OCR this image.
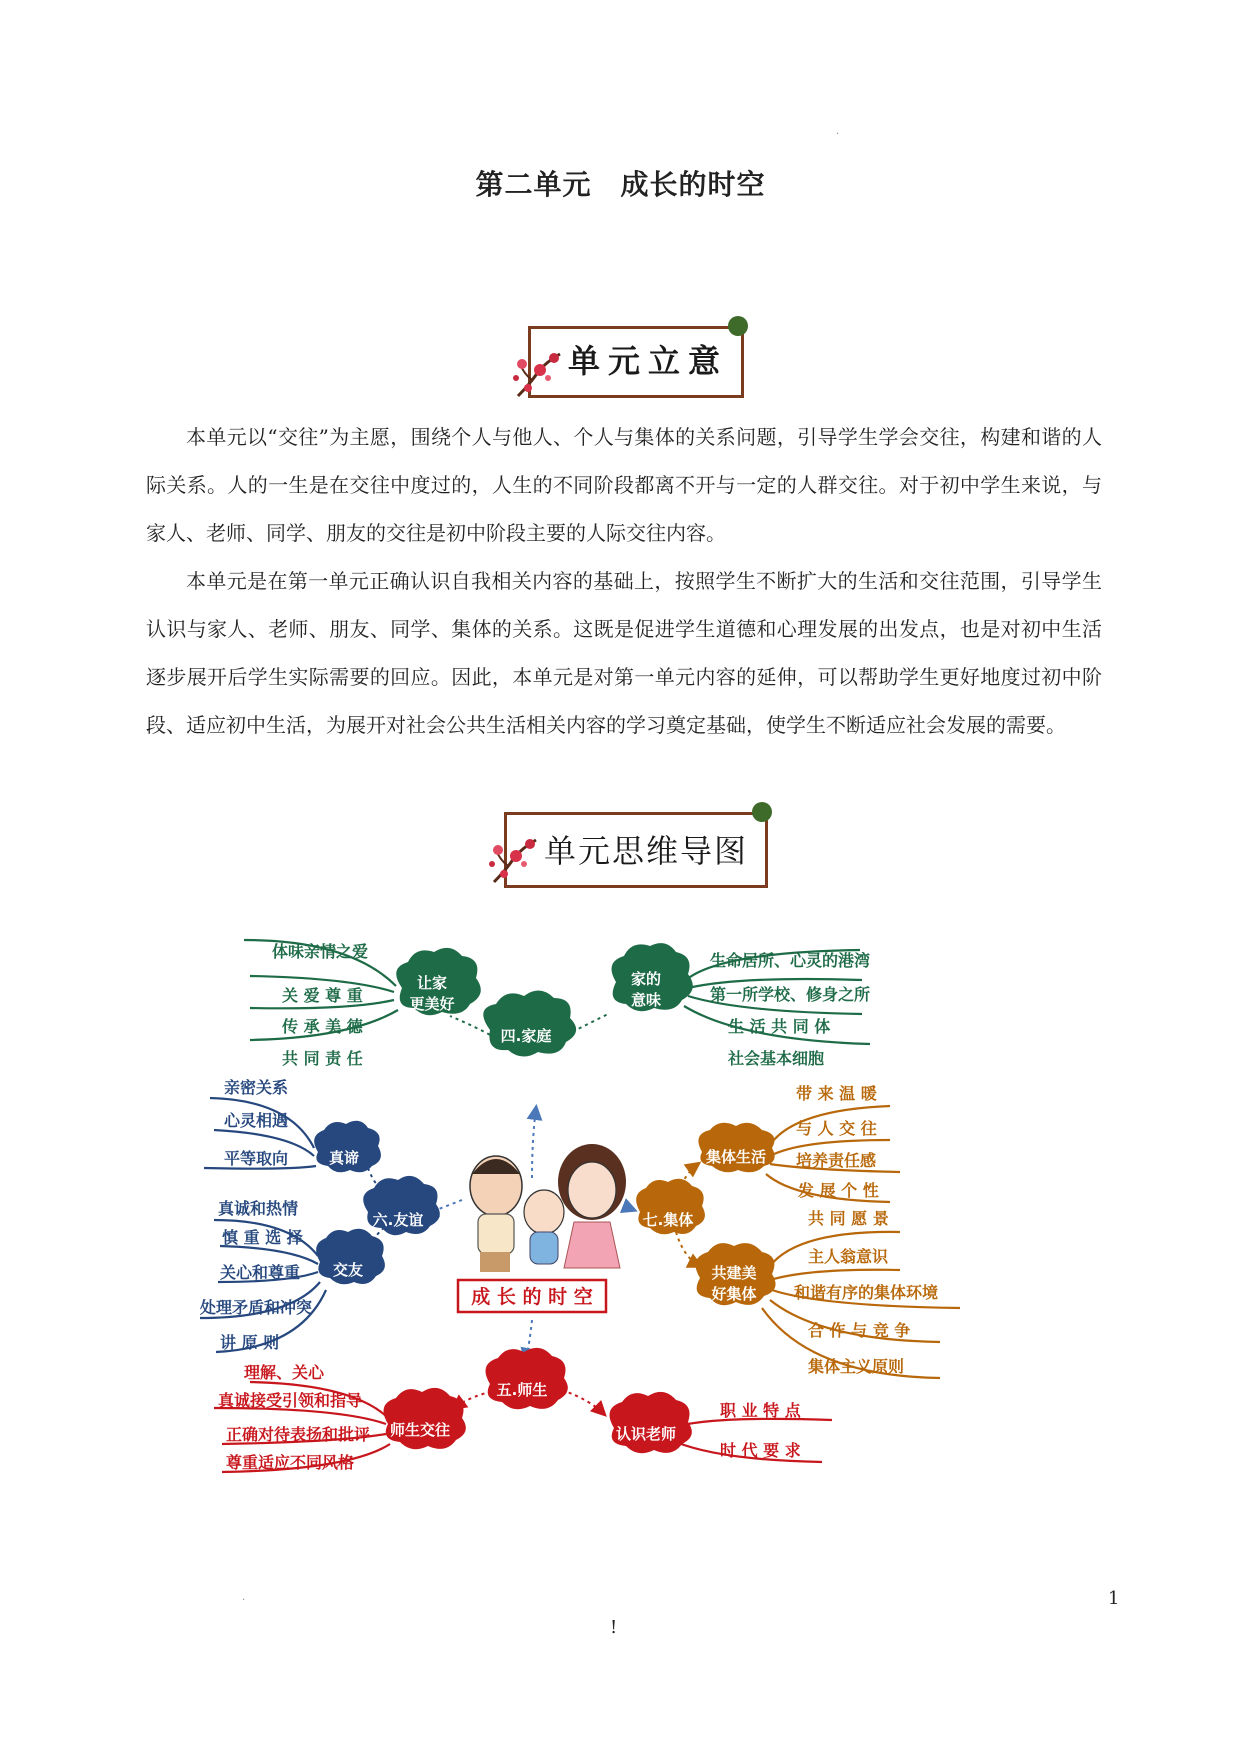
第二单元　成长的时空
单元立意

本单元以“交往”为主愿，围绕个人与他人、个人与集体的关系问题，引导学生学会交往，构建和谐的人际关系。人的一生是在交往中度过的，人生的不同阶段都离不开与一定的人群交往。对于初中学生来说，与家人、老师、同学、朋友的交往是初中阶段主要的人际交往内容。

本单元是在第一单元正确认识自我相关内容的基础上，按照学生不断扩大的生活和交往范围，引导学生认识与家人、老师、朋友、同学、集体的关系。这既是促进学生道德和心理发展的出发点，也是对初中生活逐步展开后学生实际需要的回应。因此，本单元是对第一单元内容的延伸，可以帮助学生更好地度过初中阶段、适应初中生活，为展开对社会公共生活相关内容的学习奠定基础，使学生不断适应社会发展的需要。

单元思维导图
成 长 的 时 空
四.家庭
让家
更美好
体味亲情之爱
关 爱 尊 重
传 承 美 德
共 同 责 任
家的
意味
生命居所、心灵的港湾
第一所学校、修身之所
生 活 共 同 体
社会基本细胞
六.友谊
真谛
亲密关系
心灵相遇
平等取向
交友
真诚和热情
慎 重 选 择
关心和尊重
处理矛盾和冲突
讲 原 则
七.集体
集体生活
带 来 温 暖
与 人 交 往
培养责任感
发 展 个 性
共建美
好集体
共 同 愿 景
主人翁意识
和谐有序的集体环境
合 作 与 竞 争
集体主义原则
五.师生
师生交往
理解、关心
真诚接受引领和指导
正确对待表扬和批评
尊重适应不同风格
认识老师
职 业 特 点
时 代 要 求
.
.	1
!
